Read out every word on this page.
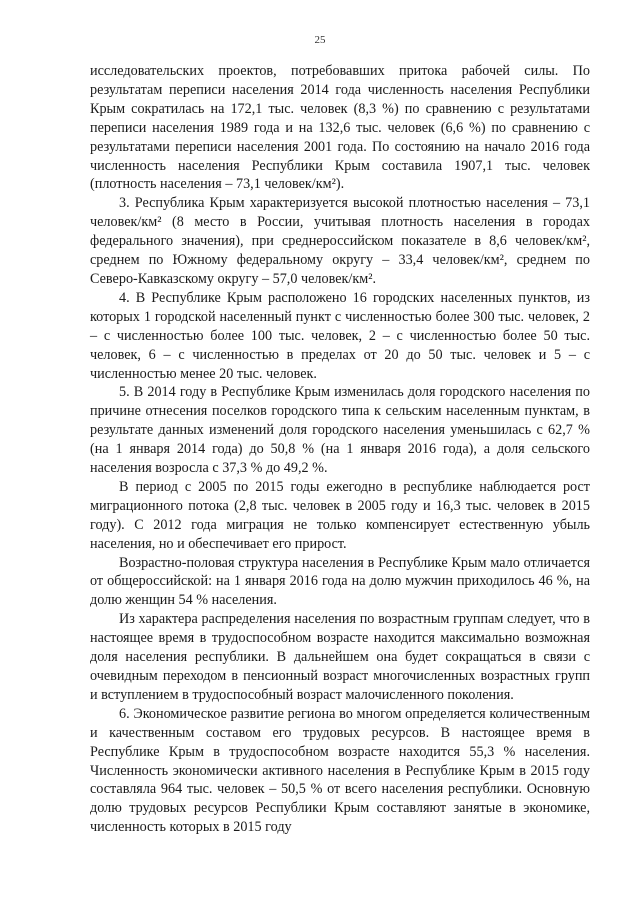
25

исследовательских проектов, потребовавших притока рабочей силы. По результатам переписи населения 2014 года численность населения Республики Крым сократилась на 172,1 тыс. человек (8,3 %) по сравнению с результатами переписи населения 1989 года и на 132,6 тыс. человек (6,6 %) по сравнению с результатами переписи населения 2001 года. По состоянию на начало 2016 года численность населения Республики Крым составила 1907,1 тыс. человек (плотность населения – 73,1 человек/км²).

3. Республика Крым характеризуется высокой плотностью населения – 73,1 человек/км² (8 место в России, учитывая плотность населения в городах федерального значения), при среднероссийском показателе в 8,6 человек/км², среднем по Южному федеральному округу – 33,4 человек/км², среднем по Северо-Кавказскому округу – 57,0 человек/км².

4. В Республике Крым расположено 16 городских населенных пунктов, из которых 1 городской населенный пункт с численностью более 300 тыс. человек, 2 – с численностью более 100 тыс. человек, 2 – с численностью более 50 тыс. человек, 6 – с численностью в пределах от 20 до 50 тыс. человек и 5 – с численностью менее 20 тыс. человек.

5. В 2014 году в Республике Крым изменилась доля городского населения по причине отнесения поселков городского типа к сельским населенным пунктам, в результате данных изменений доля городского населения уменьшилась с 62,7 % (на 1 января 2014 года) до 50,8 % (на 1 января 2016 года), а доля сельского населения возросла с 37,3 % до 49,2 %.

В период с 2005 по 2015 годы ежегодно в республике наблюдается рост миграционного потока (2,8 тыс. человек в 2005 году и 16,3 тыс. человек в 2015 году). С 2012 года миграция не только компенсирует естественную убыль населения, но и обеспечивает его прирост.

Возрастно-половая структура населения в Республике Крым мало отличается от общероссийской: на 1 января 2016 года на долю мужчин приходилось 46 %, на долю женщин 54 % населения.

Из характера распределения населения по возрастным группам следует, что в настоящее время в трудоспособном возрасте находится максимально возможная доля населения республики. В дальнейшем она будет сокращаться в связи с очевидным переходом в пенсионный возраст многочисленных возрастных групп и вступлением в трудоспособный возраст малочисленного поколения.

6. Экономическое развитие региона во многом определяется количественным и качественным составом его трудовых ресурсов. В настоящее время в Республике Крым в трудоспособном возрасте находится 55,3 % населения. Численность экономически активного населения в Республике Крым в 2015 году составляла 964 тыс. человек – 50,5 % от всего населения республики. Основную долю трудовых ресурсов Республики Крым составляют занятые в экономике, численность которых в 2015 году
